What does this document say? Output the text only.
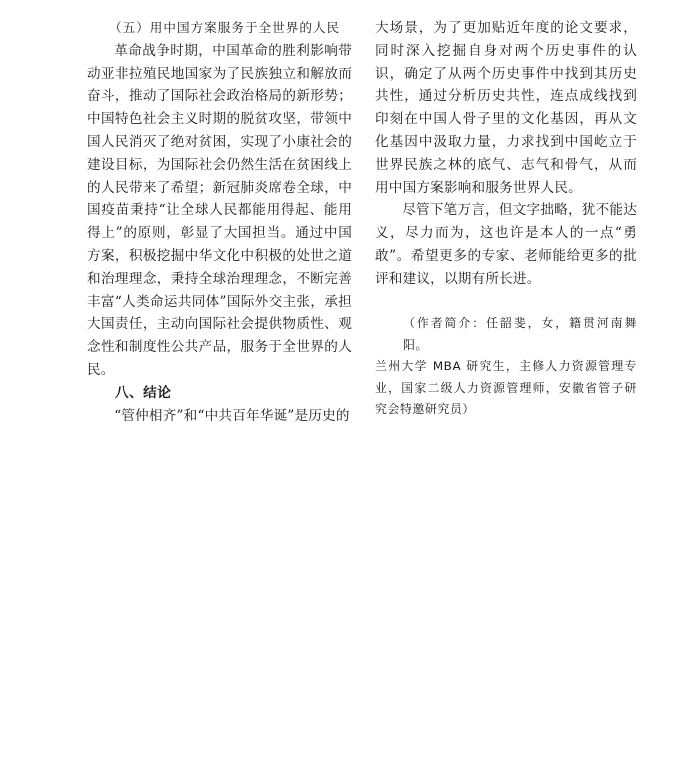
（五）用中国方案服务于全世界的人民

革命战争时期，中国革命的胜利影响带动亚非拉殖民地国家为了民族独立和解放而奋斗，推动了国际社会政治格局的新形势；中国特色社会主义时期的脱贫攻坚，带领中国人民消灭了绝对贫困，实现了小康社会的建设目标，为国际社会仍然生活在贫困线上的人民带来了希望；新冠肺炎席卷全球，中国疫苗秉持“让全球人民都能用得起、能用得上”的原则，彰显了大国担当。通过中国方案，积极挖掘中华文化中积极的处世之道和治理理念，秉持全球治理理念，不断完善丰富“人类命运共同体”国际外交主张，承担大国责任，主动向国际社会提供物质性、观念性和制度性公共产品，服务于全世界的人民。

八、结论

“管仲相齐”和“中共百年华诞”是历史的

大场景，为了更加贴近年度的论文要求，同时深入挖掘自身对两个历史事件的认识，确定了从两个历史事件中找到其历史共性，通过分析历史共性，连点成线找到印刻在中国人骨子里的文化基因，再从文化基因中汲取力量，力求找到中国屹立于世界民族之林的底气、志气和骨气，从而用中国方案影响和服务世界人民。

尽管下笔万言，但文字拙略，犹不能达义，尽力而为，这也许是本人的一点“勇敢”。希望更多的专家、老师能给更多的批评和建议，以期有所长进。

（作者简介：任韶斐，女，籍贯河南舞阳。兰州大学 MBA 研究生，主修人力资源管理专业，国家二级人力资源管理师，安徽省管子研究会特邀研究员）
